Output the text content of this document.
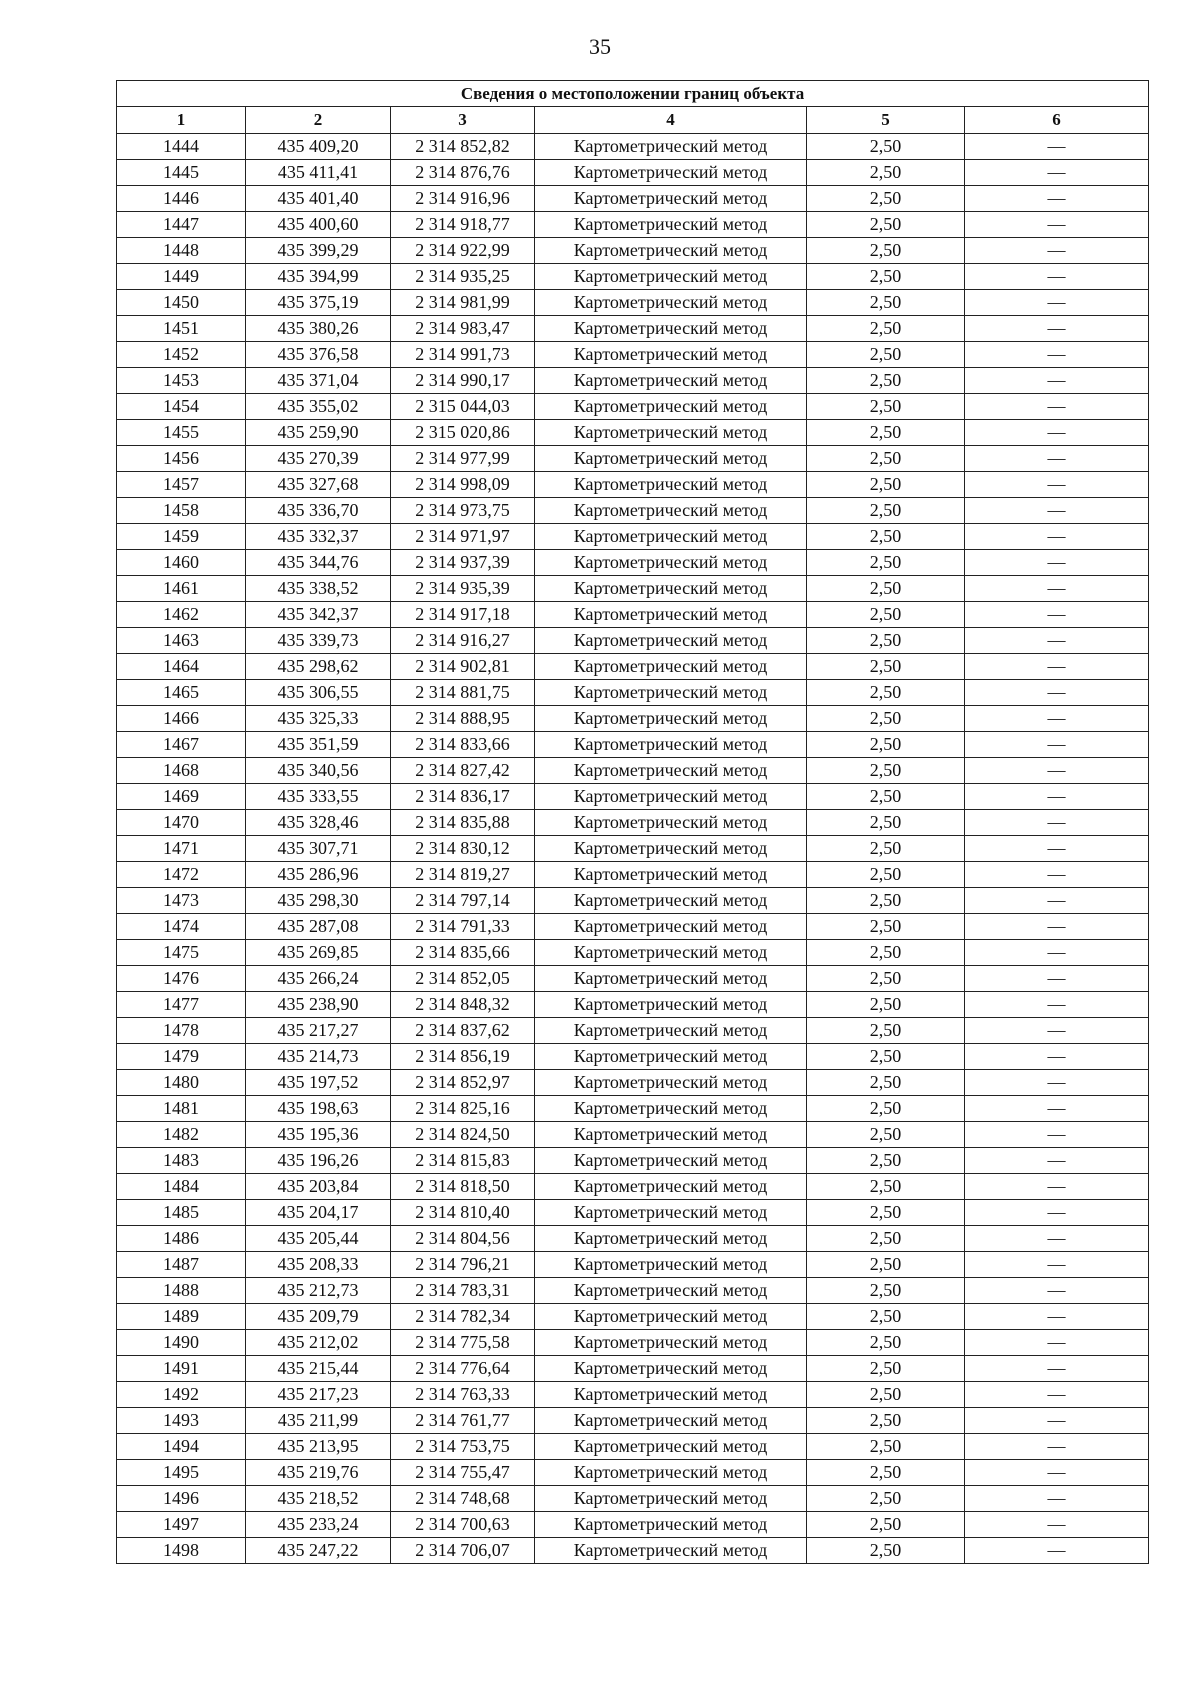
35
Сведения о местоположении границ объекта					
1	2	3	4	5	6
1444	435 409,20	2 314 852,82	Картометрический метод	2,50	—
1445	435 411,41	2 314 876,76	Картометрический метод	2,50	—
1446	435 401,40	2 314 916,96	Картометрический метод	2,50	—
1447	435 400,60	2 314 918,77	Картометрический метод	2,50	—
1448	435 399,29	2 314 922,99	Картометрический метод	2,50	—
1449	435 394,99	2 314 935,25	Картометрический метод	2,50	—
1450	435 375,19	2 314 981,99	Картометрический метод	2,50	—
1451	435 380,26	2 314 983,47	Картометрический метод	2,50	—
1452	435 376,58	2 314 991,73	Картометрический метод	2,50	—
1453	435 371,04	2 314 990,17	Картометрический метод	2,50	—
1454	435 355,02	2 315 044,03	Картометрический метод	2,50	—
1455	435 259,90	2 315 020,86	Картометрический метод	2,50	—
1456	435 270,39	2 314 977,99	Картометрический метод	2,50	—
1457	435 327,68	2 314 998,09	Картометрический метод	2,50	—
1458	435 336,70	2 314 973,75	Картометрический метод	2,50	—
1459	435 332,37	2 314 971,97	Картометрический метод	2,50	—
1460	435 344,76	2 314 937,39	Картометрический метод	2,50	—
1461	435 338,52	2 314 935,39	Картометрический метод	2,50	—
1462	435 342,37	2 314 917,18	Картометрический метод	2,50	—
1463	435 339,73	2 314 916,27	Картометрический метод	2,50	—
1464	435 298,62	2 314 902,81	Картометрический метод	2,50	—
1465	435 306,55	2 314 881,75	Картометрический метод	2,50	—
1466	435 325,33	2 314 888,95	Картометрический метод	2,50	—
1467	435 351,59	2 314 833,66	Картометрический метод	2,50	—
1468	435 340,56	2 314 827,42	Картометрический метод	2,50	—
1469	435 333,55	2 314 836,17	Картометрический метод	2,50	—
1470	435 328,46	2 314 835,88	Картометрический метод	2,50	—
1471	435 307,71	2 314 830,12	Картометрический метод	2,50	—
1472	435 286,96	2 314 819,27	Картометрический метод	2,50	—
1473	435 298,30	2 314 797,14	Картометрический метод	2,50	—
1474	435 287,08	2 314 791,33	Картометрический метод	2,50	—
1475	435 269,85	2 314 835,66	Картометрический метод	2,50	—
1476	435 266,24	2 314 852,05	Картометрический метод	2,50	—
1477	435 238,90	2 314 848,32	Картометрический метод	2,50	—
1478	435 217,27	2 314 837,62	Картометрический метод	2,50	—
1479	435 214,73	2 314 856,19	Картометрический метод	2,50	—
1480	435 197,52	2 314 852,97	Картометрический метод	2,50	—
1481	435 198,63	2 314 825,16	Картометрический метод	2,50	—
1482	435 195,36	2 314 824,50	Картометрический метод	2,50	—
1483	435 196,26	2 314 815,83	Картометрический метод	2,50	—
1484	435 203,84	2 314 818,50	Картометрический метод	2,50	—
1485	435 204,17	2 314 810,40	Картометрический метод	2,50	—
1486	435 205,44	2 314 804,56	Картометрический метод	2,50	—
1487	435 208,33	2 314 796,21	Картометрический метод	2,50	—
1488	435 212,73	2 314 783,31	Картометрический метод	2,50	—
1489	435 209,79	2 314 782,34	Картометрический метод	2,50	—
1490	435 212,02	2 314 775,58	Картометрический метод	2,50	—
1491	435 215,44	2 314 776,64	Картометрический метод	2,50	—
1492	435 217,23	2 314 763,33	Картометрический метод	2,50	—
1493	435 211,99	2 314 761,77	Картометрический метод	2,50	—
1494	435 213,95	2 314 753,75	Картометрический метод	2,50	—
1495	435 219,76	2 314 755,47	Картометрический метод	2,50	—
1496	435 218,52	2 314 748,68	Картометрический метод	2,50	—
1497	435 233,24	2 314 700,63	Картометрический метод	2,50	—
1498	435 247,22	2 314 706,07	Картометрический метод	2,50	—
